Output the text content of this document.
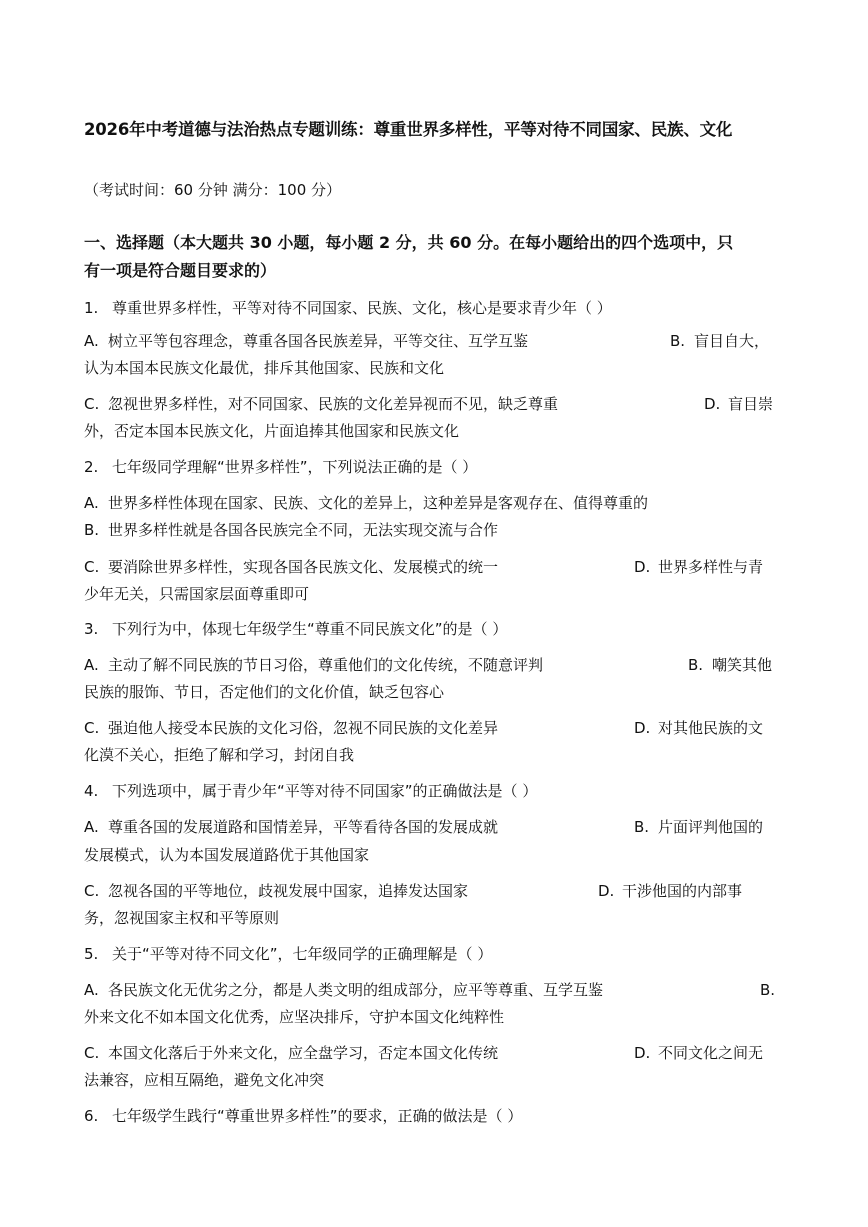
2026年中考道德与法治热点专题训练：尊重世界多样性，平等对待不同国家、民族、文化
（考试时间：60 分钟 满分：100 分）
一、选择题（本大题共 30 小题，每小题 2 分，共 60 分。在每小题给出的四个选项中，只
有一项是符合题目要求的）
1. 尊重世界多样性，平等对待不同国家、民族、文化，核心是要求青少年（ ）
A. 树立平等包容理念，尊重各国各民族差异，平等交往、互学互鉴	B. 盲目自大，
认为本国本民族文化最优，排斥其他国家、民族和文化
C. 忽视世界多样性，对不同国家、民族的文化差异视而不见，缺乏尊重	D. 盲目崇
外，否定本国本民族文化，片面追捧其他国家和民族文化
2. 七年级同学理解“世界多样性”，下列说法正确的是（ ）
A. 世界多样性体现在国家、民族、文化的差异上，这种差异是客观存在、值得尊重的
B. 世界多样性就是各国各民族完全不同，无法实现交流与合作
C. 要消除世界多样性，实现各国各民族文化、发展模式的统一	D. 世界多样性与青
少年无关，只需国家层面尊重即可
3. 下列行为中，体现七年级学生“尊重不同民族文化”的是（ ）
A. 主动了解不同民族的节日习俗，尊重他们的文化传统，不随意评判	B. 嘲笑其他
民族的服饰、节日，否定他们的文化价值，缺乏包容心
C. 强迫他人接受本民族的文化习俗，忽视不同民族的文化差异	D. 对其他民族的文
化漠不关心，拒绝了解和学习，封闭自我
4. 下列选项中，属于青少年“平等对待不同国家”的正确做法是（ ）
A. 尊重各国的发展道路和国情差异，平等看待各国的发展成就	B. 片面评判他国的
发展模式，认为本国发展道路优于其他国家
C. 忽视各国的平等地位，歧视发展中国家，追捧发达国家	D. 干涉他国的内部事
务，忽视国家主权和平等原则
5. 关于“平等对待不同文化”，七年级同学的正确理解是（ ）
A. 各民族文化无优劣之分，都是人类文明的组成部分，应平等尊重、互学互鉴	B.
外来文化不如本国文化优秀，应坚决排斥，守护本国文化纯粹性
C. 本国文化落后于外来文化，应全盘学习，否定本国文化传统	D. 不同文化之间无
法兼容，应相互隔绝，避免文化冲突
6. 七年级学生践行“尊重世界多样性”的要求，正确的做法是（ ）
